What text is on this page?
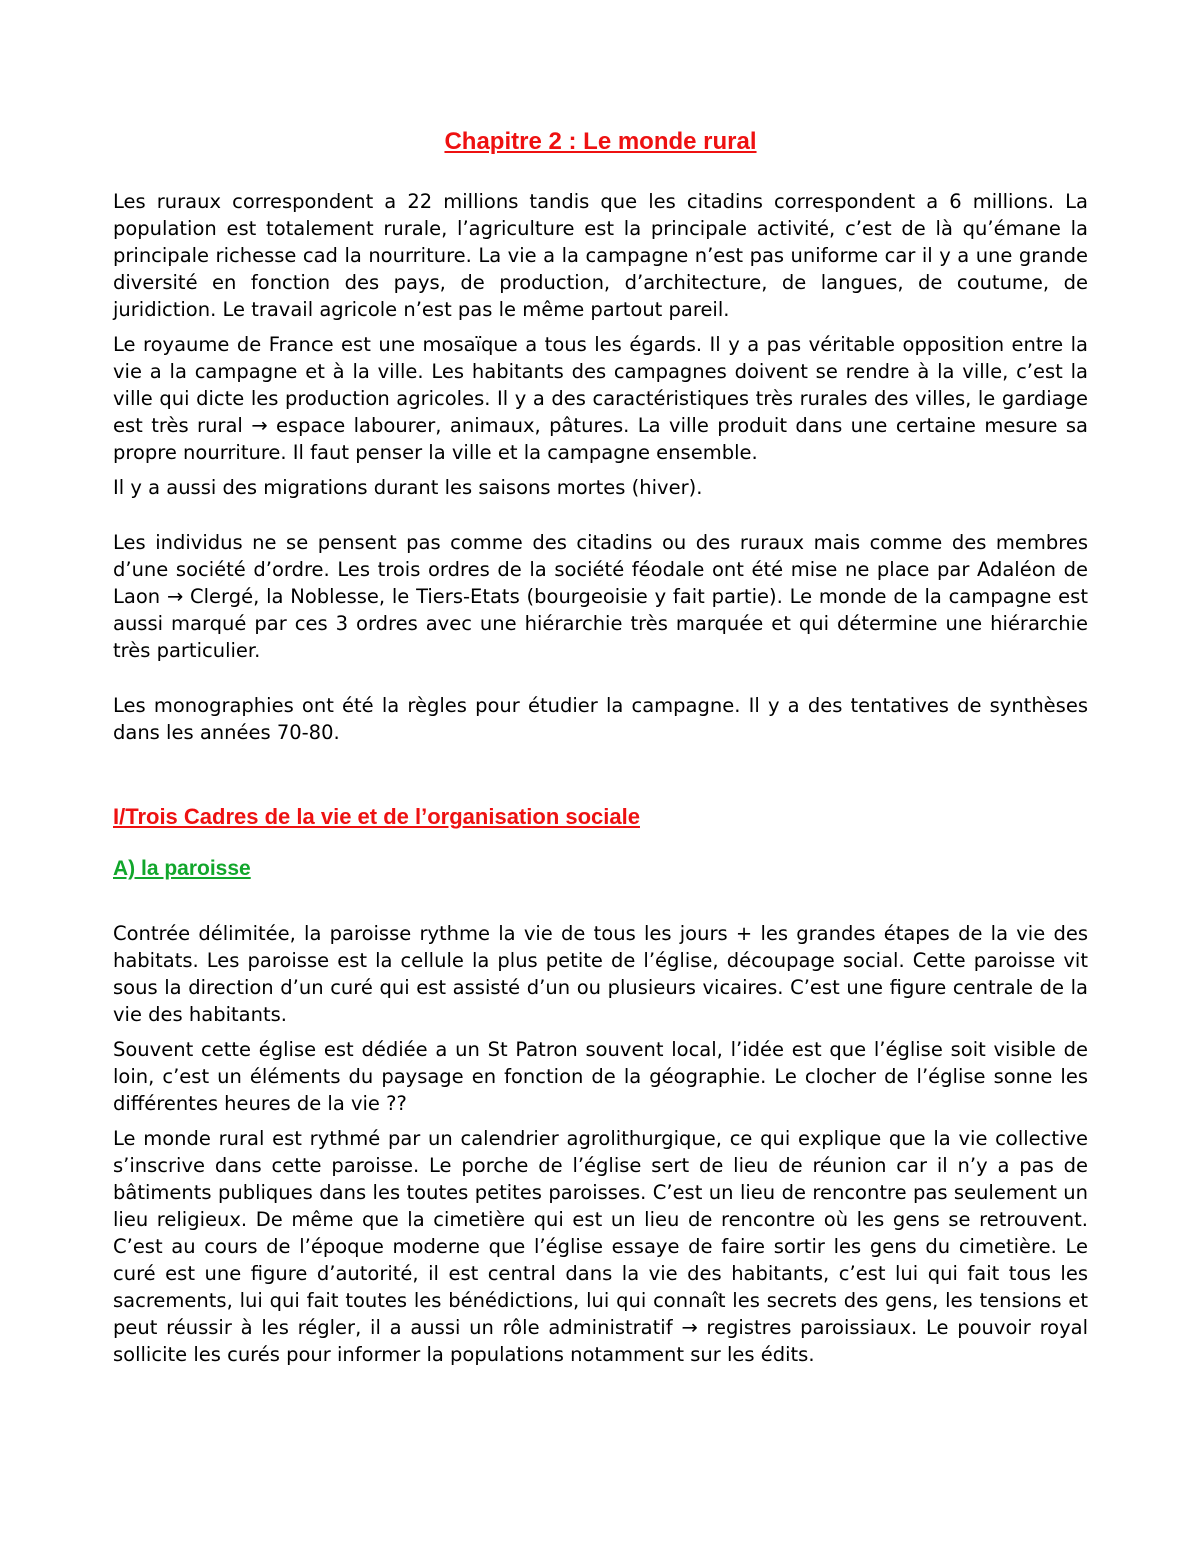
Chapitre 2 : Le monde rural

Les ruraux correspondent a 22 millions tandis que les citadins correspondent a 6 millions. La population est totalement rurale, l’agriculture est la principale activité, c’est de là qu’émane la principale richesse cad la nourriture. La vie a la campagne n’est pas uniforme car il y a une grande diversité en fonction des pays, de production, d’architecture, de langues, de coutume, de juridiction. Le travail agricole n’est pas le même partout pareil.

Le royaume de France est une mosaïque a tous les égards. Il y a pas véritable opposition entre la vie a la campagne et à la ville. Les habitants des campagnes doivent se rendre à la ville, c’est la ville qui dicte les production agricoles. Il y a des caractéristiques très rurales des villes, le gardiage est très rural → espace labourer, animaux, pâtures. La ville produit dans une certaine mesure sa propre nourriture. Il faut penser la ville et la campagne ensemble.

Il y a aussi des migrations durant les saisons mortes (hiver).

Les individus ne se pensent pas comme des citadins ou des ruraux mais comme des membres d’une société d’ordre. Les trois ordres de la société féodale ont été mise ne place par Adaléon de Laon → Clergé, la Noblesse, le Tiers-Etats (bourgeoisie y fait partie). Le monde de la campagne est aussi marqué par ces 3 ordres avec une hiérarchie très marquée et qui détermine une hiérarchie très particulier.

Les monographies ont été la règles pour étudier la campagne. Il y a des tentatives de synthèses dans les années 70-80.

I/Trois Cadres de la vie et de l’organisation sociale
A) la paroisse

Contrée délimitée, la paroisse rythme la vie de tous les jours + les grandes étapes de la vie des habitats. Les paroisse est la cellule la plus petite de l’église, découpage social. Cette paroisse vit sous la direction d’un curé qui est assisté d’un ou plusieurs vicaires. C’est une figure centrale de la vie des habitants.

Souvent cette église est dédiée a un St Patron souvent local, l’idée est que l’église soit visible de loin, c’est un éléments du paysage en fonction de la géographie. Le clocher de l’église sonne les différentes heures de la vie ??

Le monde rural est rythmé par un calendrier agrolithurgique, ce qui explique que la vie collective s’inscrive dans cette paroisse. Le porche de l’église sert de lieu de réunion car il n’y a pas de bâtiments publiques dans les toutes petites paroisses. C’est un lieu de rencontre pas seulement un lieu religieux. De même que la cimetière qui est un lieu de rencontre où les gens se retrouvent. C’est au cours de l’époque moderne que l’église essaye de faire sortir les gens du cimetière. Le curé est une figure d’autorité, il est central dans la vie des habitants, c’est lui qui fait tous les sacrements, lui qui fait toutes les bénédictions, lui qui connaît les secrets des gens, les tensions et peut réussir à les régler, il a aussi un rôle administratif → registres paroissiaux. Le pouvoir royal sollicite les curés pour informer la populations notamment sur les édits.
